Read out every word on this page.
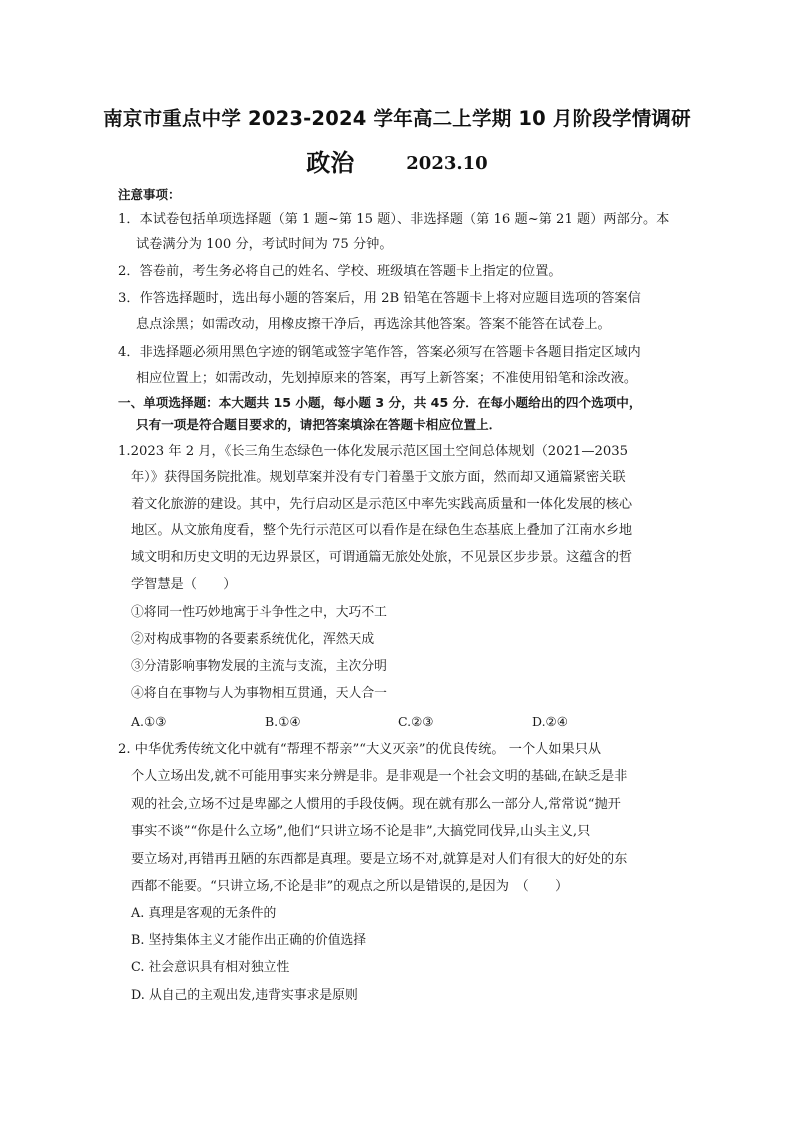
南京市重点中学 2023-2024 学年高二上学期 10 月阶段学情调研
政治	2023.10
注意事项：
1．本试卷包括单项选择题（第 1 题~第 15 题）、非选择题（第 16 题~第 21 题）两部分。本
试卷满分为 100 分，考试时间为 75 分钟。
2．答卷前，考生务必将自己的姓名、学校、班级填在答题卡上指定的位置。
3．作答选择题时，选出每小题的答案后，用 2B 铅笔在答题卡上将对应题目选项的答案信
息点涂黑；如需改动，用橡皮擦干净后，再选涂其他答案。答案不能答在试卷上。
4．非选择题必须用黑色字迹的钢笔或签字笔作答，答案必须写在答题卡各题目指定区域内
相应位置上；如需改动，先划掉原来的答案，再写上新答案；不准使用铅笔和涂改液。
一、单项选择题：本大题共 15 小题，每小题 3 分，共 45 分．在每小题给出的四个选项中，
只有一项是符合题目要求的，请把答案填涂在答题卡相应位置上．
1.2023 年 2 月，《长三角生态绿色一体化发展示范区国土空间总体规划（2021—2035
年）》获得国务院批准。规划草案并没有专门着墨于文旅方面，然而却又通篇紧密关联
着文化旅游的建设。其中，先行启动区是示范区中率先实践高质量和一体化发展的核心
地区。从文旅角度看，整个先行示范区可以看作是在绿色生态基底上叠加了江南水乡地
域文明和历史文明的无边界景区，可谓通篇无旅处处旅，不见景区步步景。这蕴含的哲
学智慧是（　　）
①将同一性巧妙地寓于斗争性之中，大巧不工
②对构成事物的各要素系统优化，浑然天成
③分清影响事物发展的主流与支流，主次分明
④将自在事物与人为事物相互贯通，天人合一
A.①③	B.①④	C.②③	D.②④
2. 中华优秀传统文化中就有“帮理不帮亲”“大义灭亲”的优良传统。 一个人如果只从
个人立场出发,就不可能用事实来分辨是非。是非观是一个社会文明的基础,在缺乏是非
观的社会,立场不过是卑鄙之人惯用的手段伎俩。现在就有那么一部分人,常常说“抛开
事实不谈”“你是什么立场”,他们“只讲立场不论是非”,大搞党同伐异,山头主义,只
要立场对,再错再丑陋的东西都是真理。要是立场不对,就算是对人们有很大的好处的东
西都不能要。“只讲立场,不论是非”的观点之所以是错误的,是因为　（　　）
A. 真理是客观的无条件的
B. 坚持集体主义才能作出正确的价值选择
C. 社会意识具有相对独立性
D. 从自己的主观出发,违背实事求是原则
